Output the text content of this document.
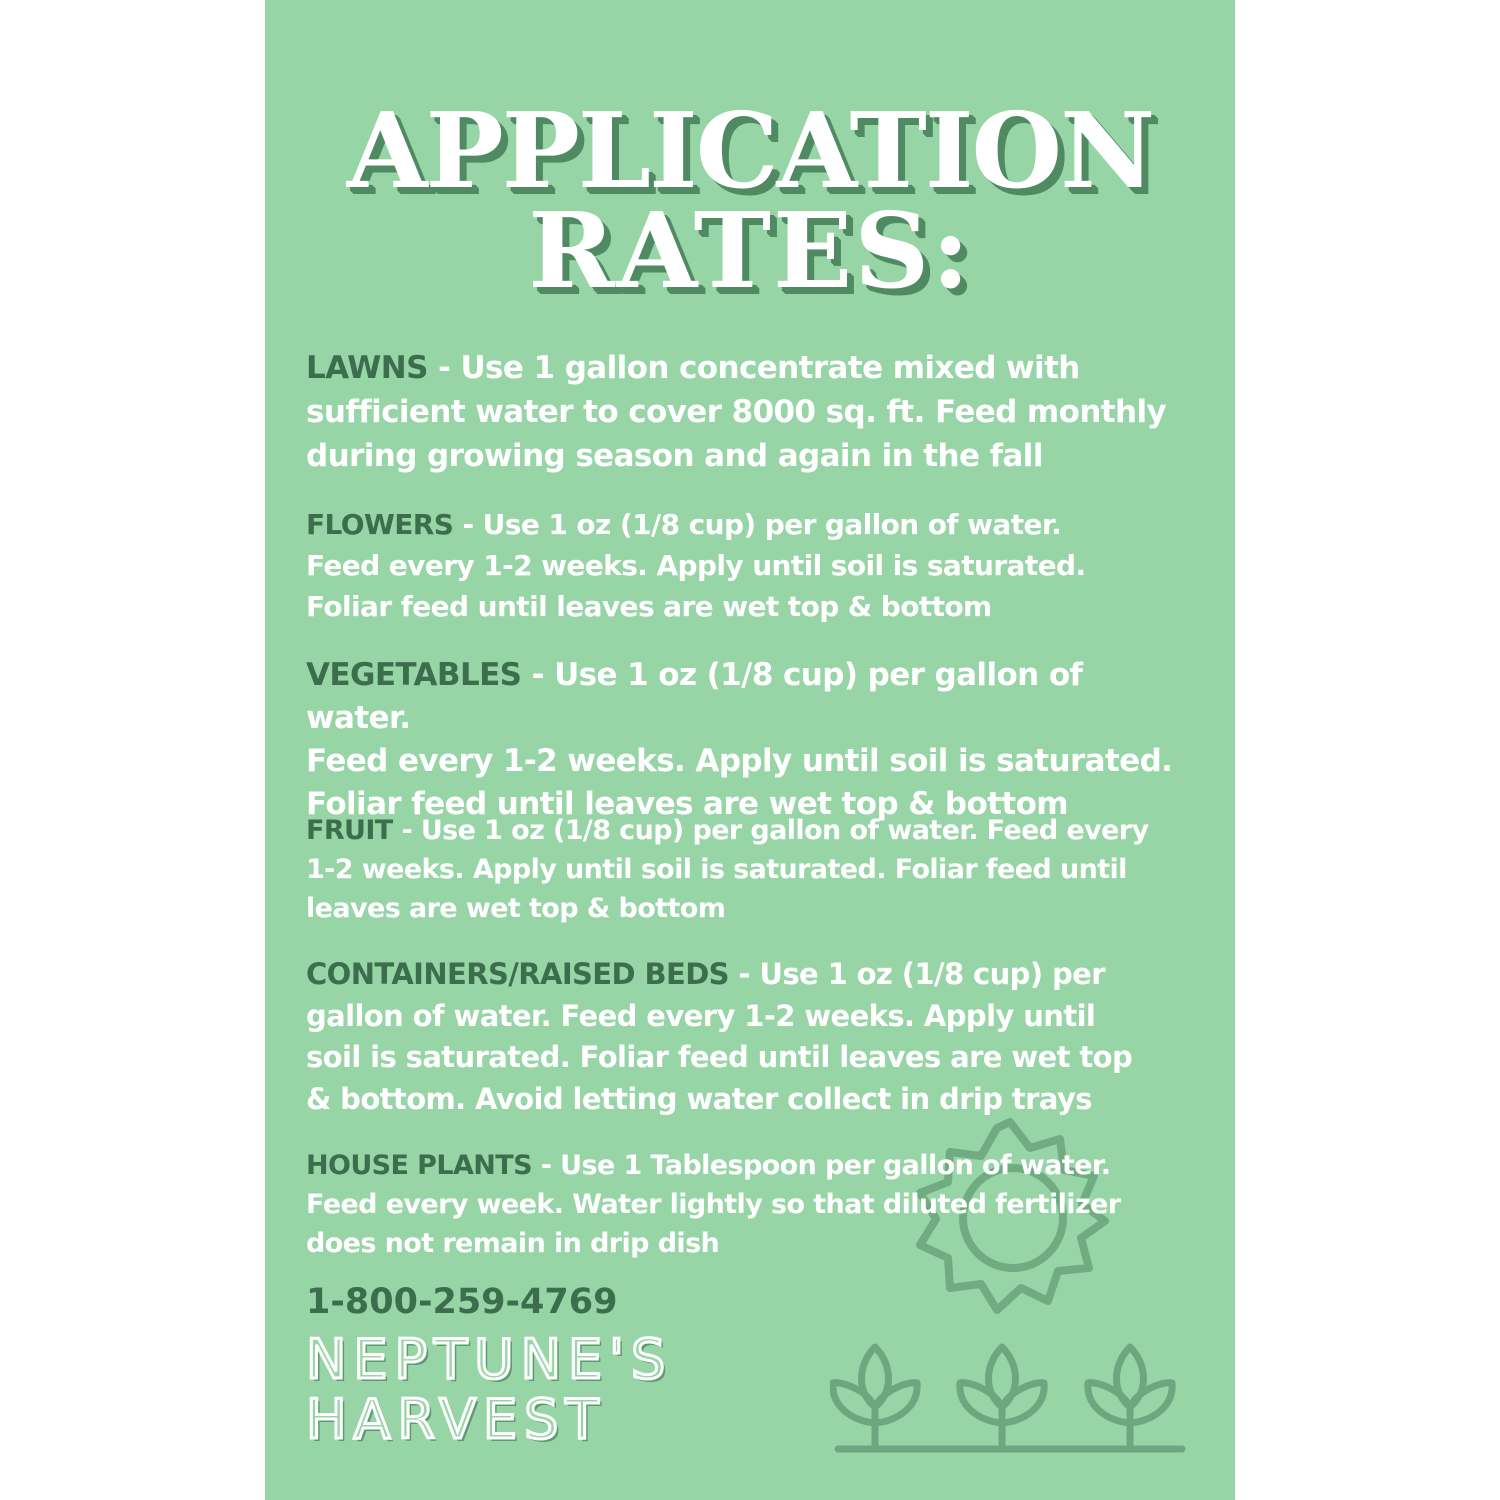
APPLICATION
RATES:
LAWNS - Use 1 gallon concentrate mixed with
sufficient water to cover 8000 sq. ft. Feed monthly
during growing season and again in the fall
FLOWERS - Use 1 oz (1/8 cup) per gallon of water.
Feed every 1-2 weeks. Apply until soil is saturated.
Foliar feed until leaves are wet top & bottom
VEGETABLES - Use 1 oz (1/8 cup) per gallon of water.
Feed every 1-2 weeks. Apply until soil is saturated.
Foliar feed until leaves are wet top & bottom
FRUIT - Use 1 oz (1/8 cup) per gallon of water. Feed every
1-2 weeks. Apply until soil is saturated. Foliar feed until
leaves are wet top & bottom
CONTAINERS/RAISED BEDS - Use 1 oz (1/8 cup) per
gallon of water. Feed every 1-2 weeks. Apply until
soil is saturated. Foliar feed until leaves are wet top
& bottom. Avoid letting water collect in drip trays
HOUSE PLANTS - Use 1 Tablespoon per gallon of water.
Feed every week. Water lightly so that diluted fertilizer
does not remain in drip dish
1-800-259-4769
NEPTUNE'S
HARVEST
